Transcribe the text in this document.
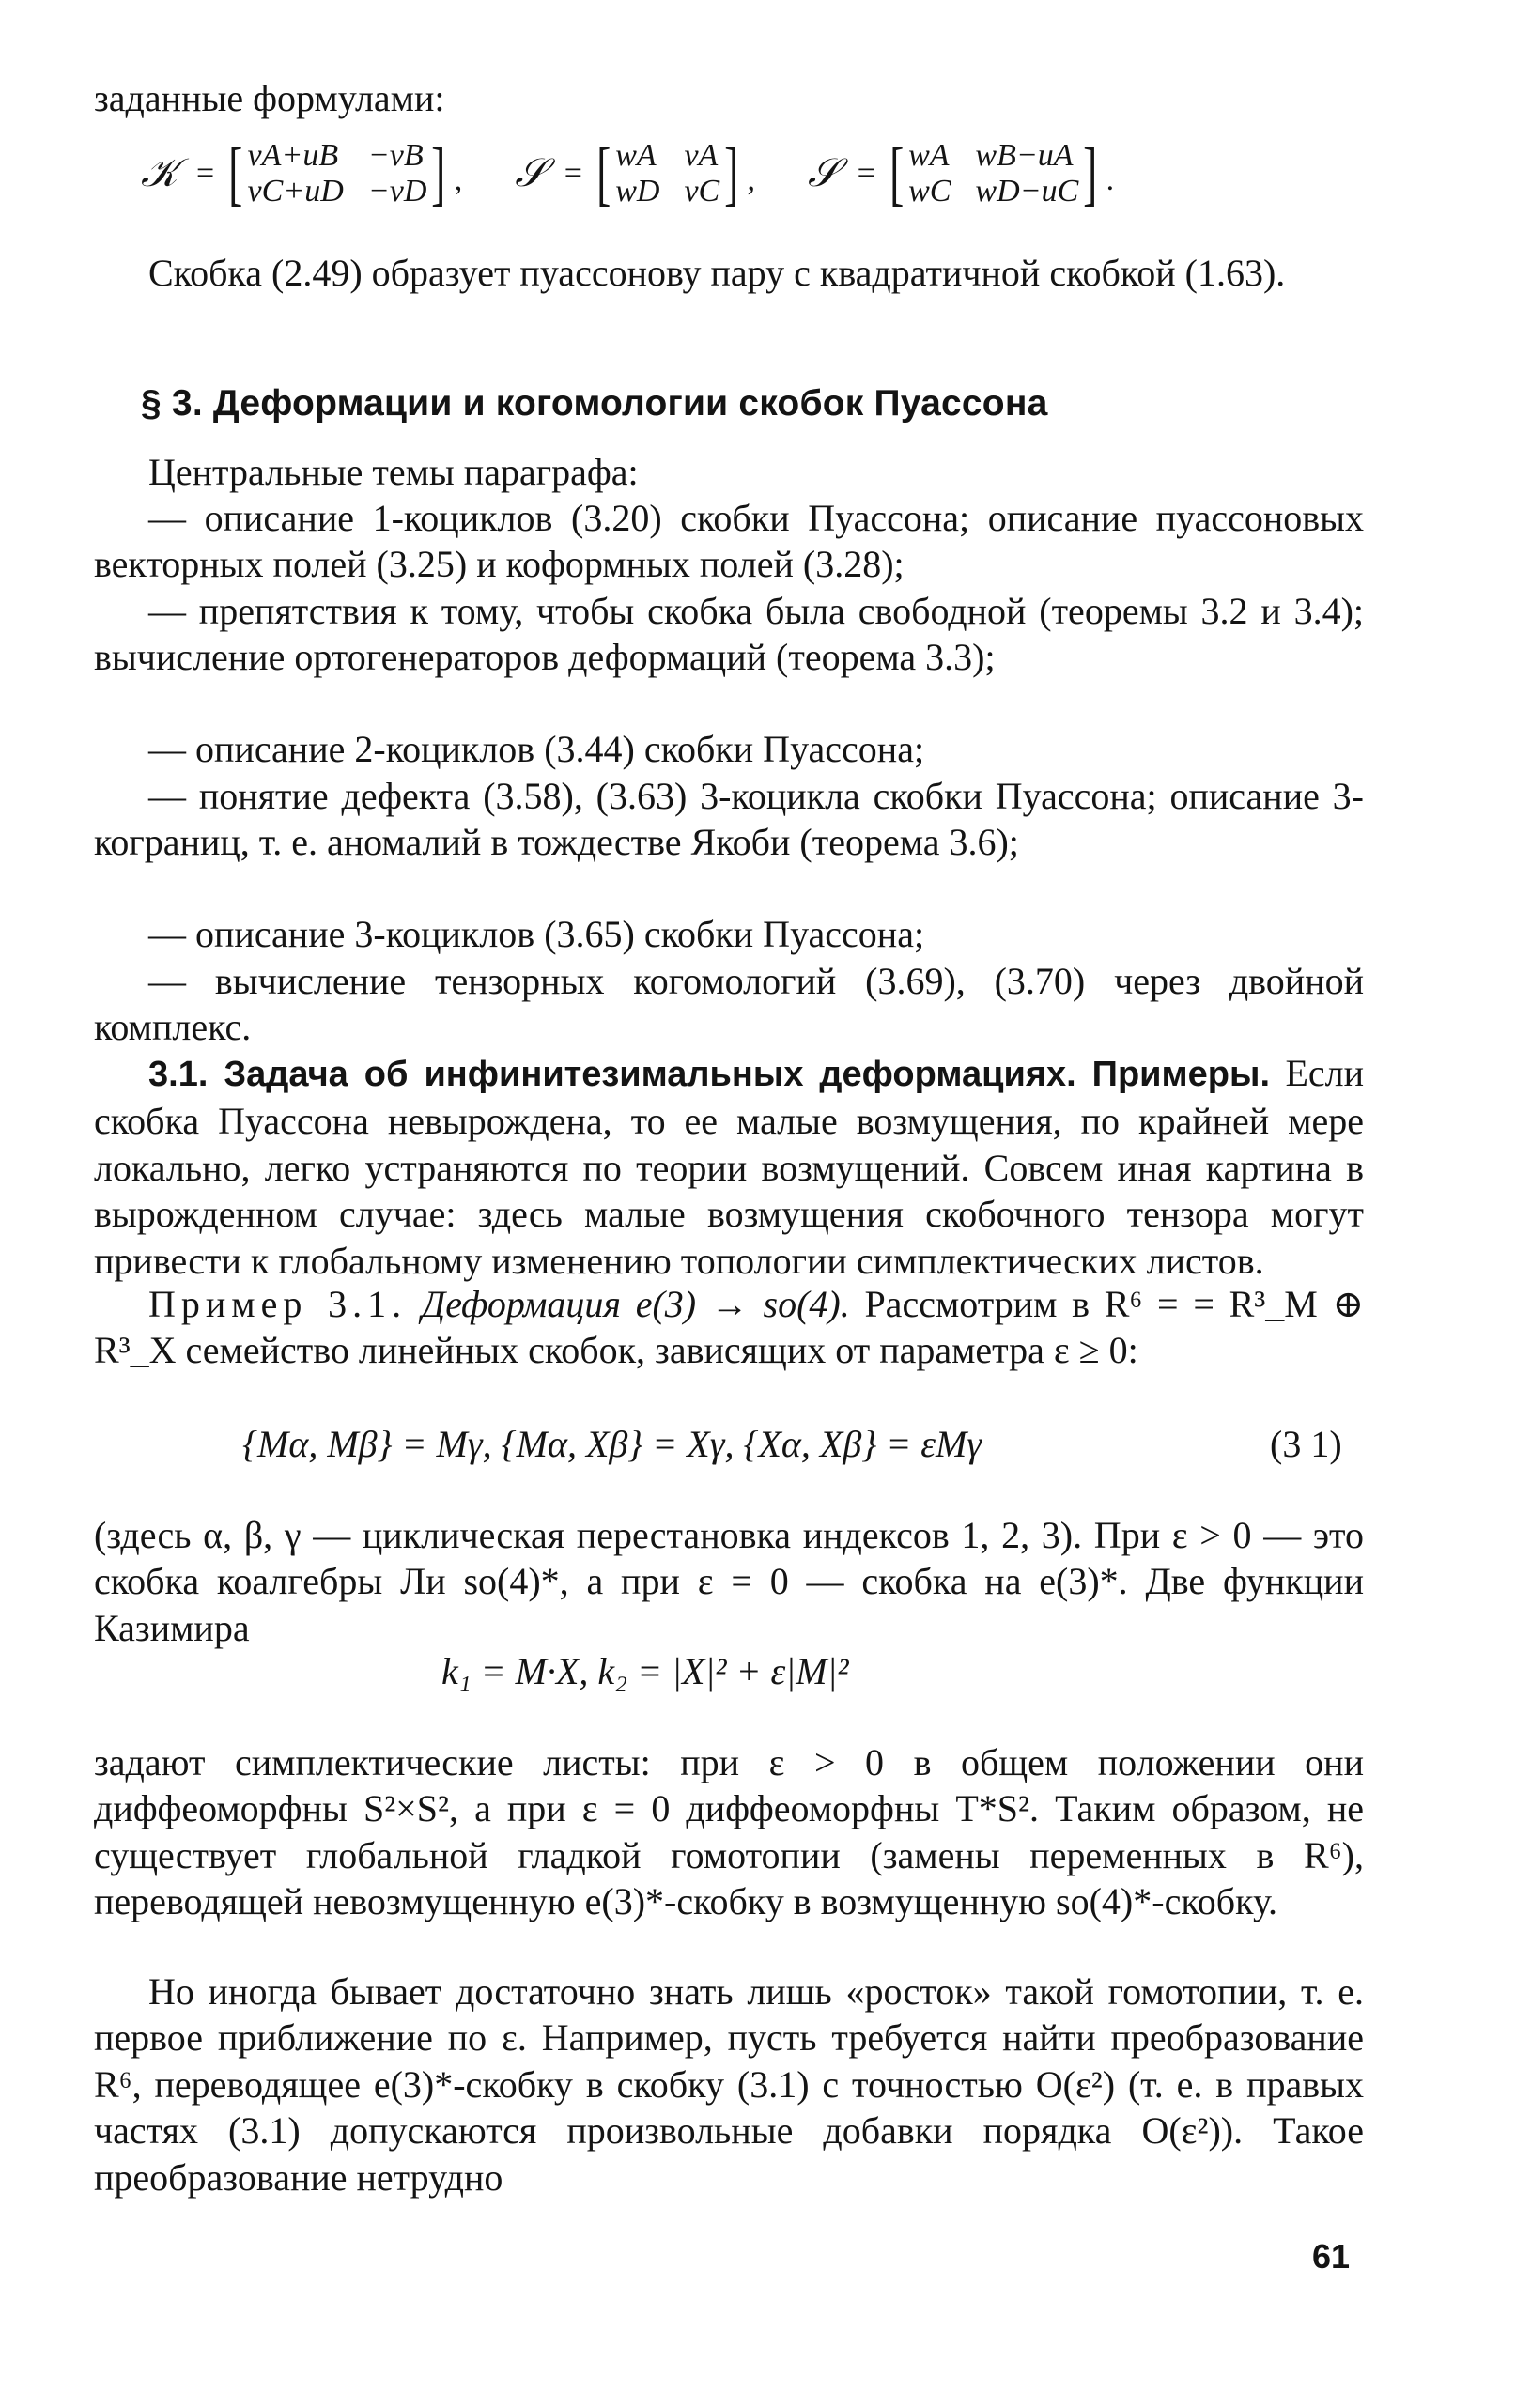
заданные формулами:
𝒦 = [ vA+uB −vB
vC+uD −vD ] , 𝒮 = [ wA vA
wD vC ] , 𝒮 = [ wA wB−uA
wC wD−uC ] .

Скобка (2.49) образует пуассонову пару с квадратичной скобкой (1.63).

§ 3. Деформации и когомологии скобок Пуассона

Центральные темы параграфа:

— описание 1-коциклов (3.20) скобки Пуассона; описание пуассоновых векторных полей (3.25) и коформных полей (3.28);

— препятствия к тому, чтобы скобка была свободной (теоремы 3.2 и 3.4); вычисление ортогенераторов деформаций (теорема 3.3);

— описание 2-коциклов (3.44) скобки Пуассона;

— понятие дефекта (3.58), (3.63) 3-коцикла скобки Пуассона; описание 3-кограниц, т. е. аномалий в тождестве Якоби (теорема 3.6);

— описание 3-коциклов (3.65) скобки Пуассона;

— вычисление тензорных когомологий (3.69), (3.70) через двойной комплекс.

3.1. Задача об инфинитезимальных деформациях. Примеры. Если скобка Пуассона невырождена, то ее малые возмущения, по крайней мере локально, легко устраняются по теории возмущений. Совсем иная картина в вырожденном случае: здесь малые возмущения скобочного тензора могут привести к глобальному изменению топологии симплектических листов.

Пример 3.1. Деформация e(3) → so(4). Рассмотрим в R⁶ = = R³_M ⊕ R³_X семейство линейных скобок, зависящих от параметра ε ≥ 0:

{Mα, Mβ} = Mγ, {Mα, Xβ} = Xγ, {Xα, Xβ} = εMγ	(3 1)

(здесь α, β, γ — циклическая перестановка индексов 1, 2, 3). При ε > 0 — это скобка коалгебры Ли so(4)*, а при ε = 0 — скобка на e(3)*. Две функции Казимира

k₁ = M·X, k₂ = |X|² + ε|M|²

задают симплектические листы: при ε > 0 в общем положении они диффеоморфны S²×S², а при ε = 0 диффеоморфны T*S². Таким образом, не существует глобальной гладкой гомотопии (замены переменных в R⁶), переводящей невозмущенную e(3)*-скобку в возмущенную so(4)*-скобку.

Но иногда бывает достаточно знать лишь «росток» такой гомотопии, т. е. первое приближение по ε. Например, пусть требуется найти преобразование R⁶, переводящее e(3)*-скобку в скобку (3.1) с точностью O(ε²) (т. е. в правых частях (3.1) допускаются произвольные добавки порядка O(ε²)). Такое преобразование нетрудно

61
